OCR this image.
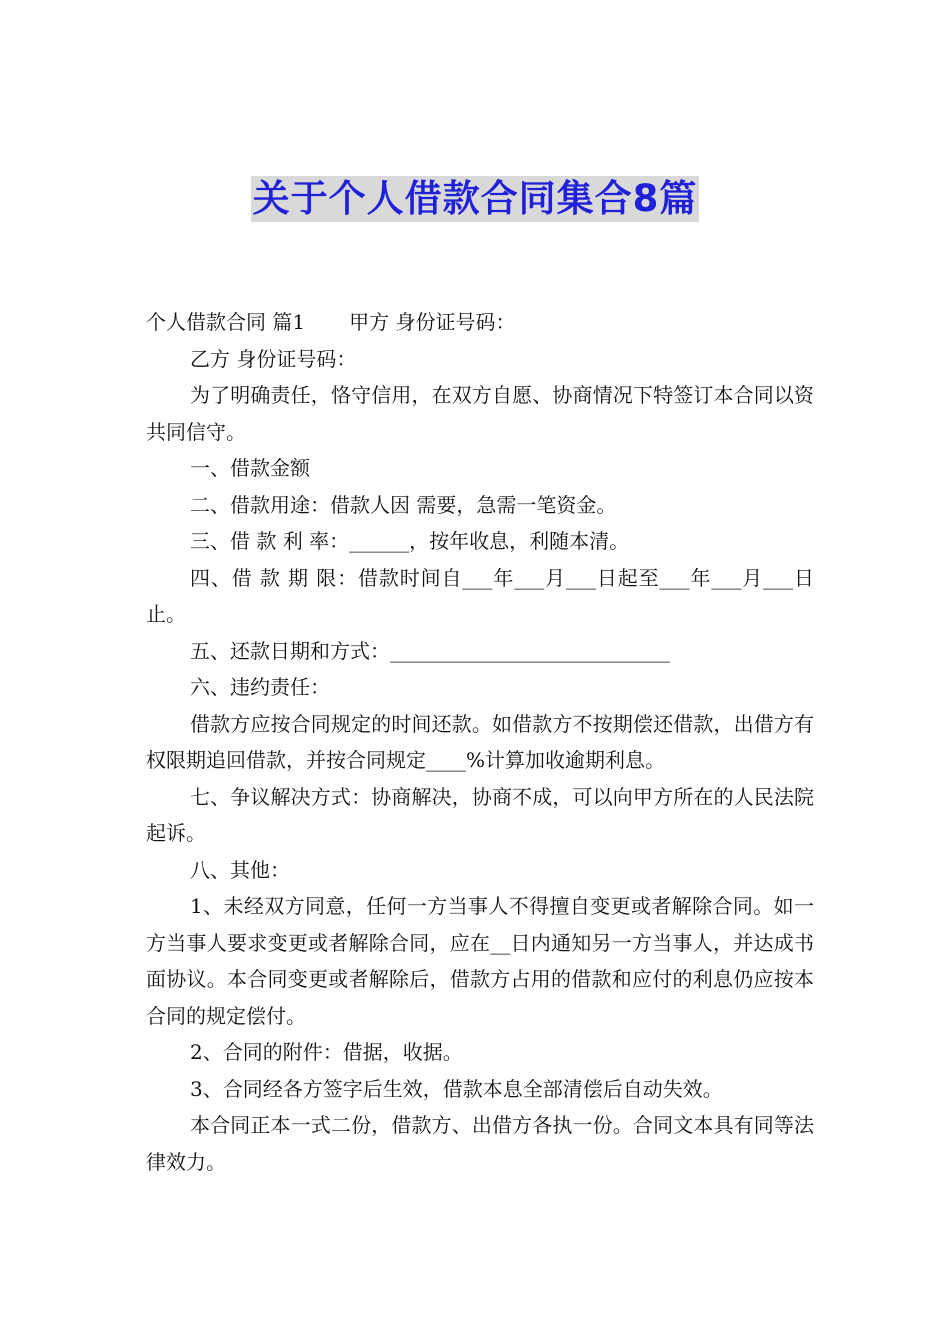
关于个人借款合同集合8篇

个人借款合同 篇1 甲方 身份证号码：

乙方 身份证号码：

为了明确责任，恪守信用，在双方自愿、协商情况下特签订本合同以资共同信守。

一、借款金额

二、借款用途：借款人因 需要，急需一笔资金。

三、借 款 利 率：______，按年收息，利随本清。

四、借 款 期 限：借款时间自___年___月___日起至___年___月___日止。

五、还款日期和方式：____________________________

六、违约责任：

借款方应按合同规定的时间还款。如借款方不按期偿还借款，出借方有权限期追回借款，并按合同规定____%计算加收逾期利息。

七、争议解决方式：协商解决，协商不成，可以向甲方所在的人民法院起诉。

八、其他：

1、未经双方同意，任何一方当事人不得擅自变更或者解除合同。如一方当事人要求变更或者解除合同，应在__日内通知另一方当事人，并达成书面协议。本合同变更或者解除后，借款方占用的借款和应付的利息仍应按本合同的规定偿付。

2、合同的附件：借据，收据。

3、合同经各方签字后生效，借款本息全部清偿后自动失效。

本合同正本一式二份，借款方、出借方各执一份。合同文本具有同等法律效力。
